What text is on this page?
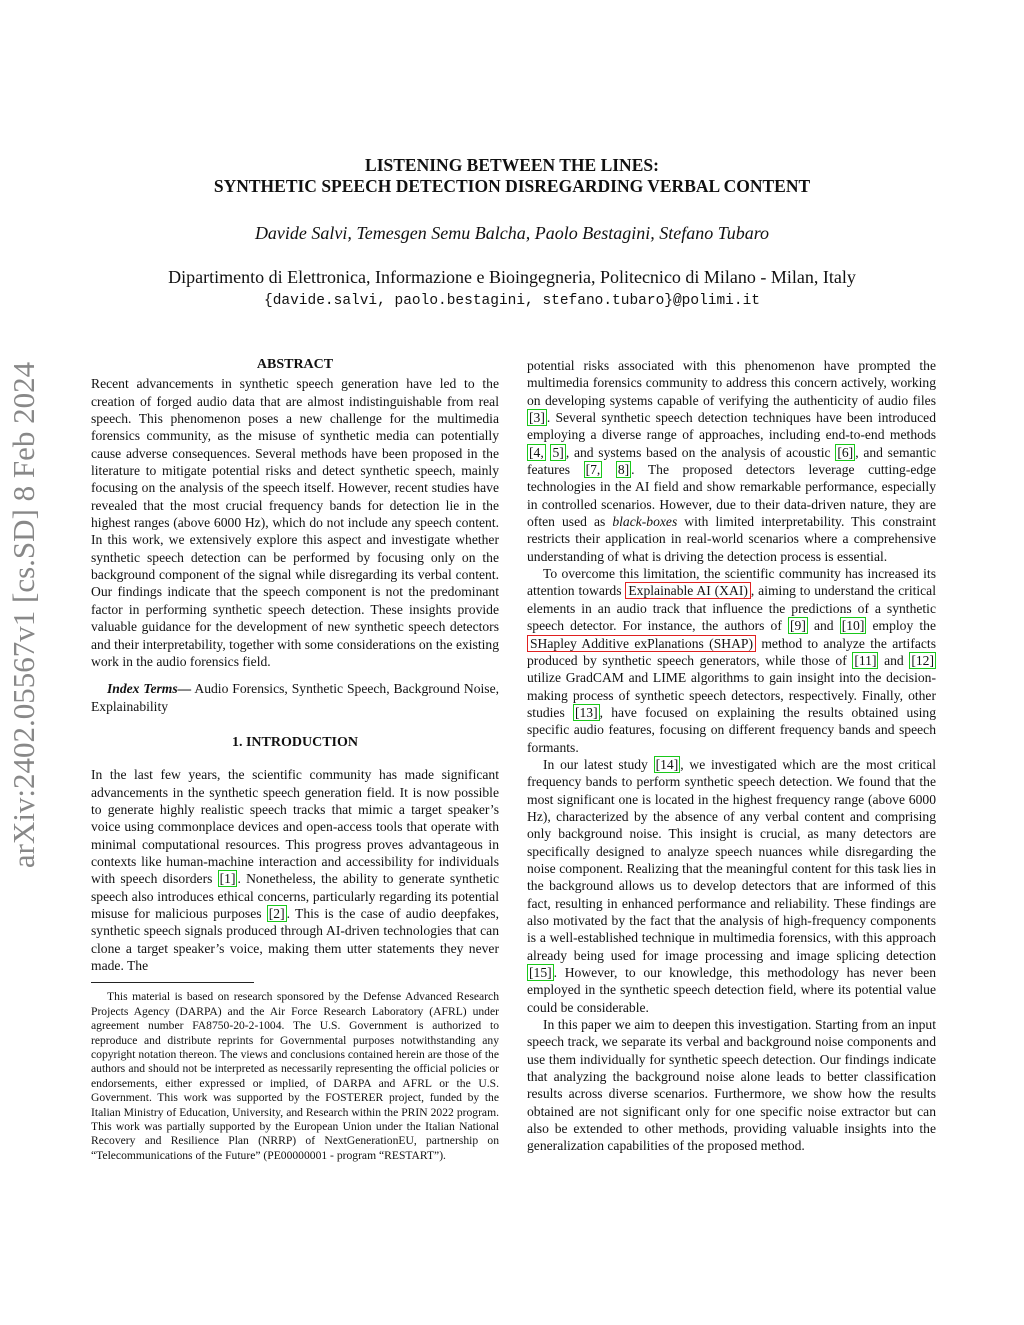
LISTENING BETWEEN THE LINES:
SYNTHETIC SPEECH DETECTION DISREGARDING VERBAL CONTENT
Davide Salvi, Temesgen Semu Balcha, Paolo Bestagini, Stefano Tubaro
Dipartimento di Elettronica, Informazione e Bioingegneria, Politecnico di Milano - Milan, Italy
{davide.salvi, paolo.bestagini, stefano.tubaro}@polimi.it
arXiv:2402.05567v1 [cs.SD] 8 Feb 2024	ABSTRACT

Recent advancements in synthetic speech generation have led to the creation of forged audio data that are almost indistinguishable from real speech. This phenomenon poses a new challenge for the multimedia forensics community, as the misuse of synthetic media can potentially cause adverse consequences. Several methods have been proposed in the literature to mitigate potential risks and detect synthetic speech, mainly focusing on the analysis of the speech itself. However, recent studies have revealed that the most crucial frequency bands for detection lie in the highest ranges (above 6000 Hz), which do not include any speech content. In this work, we extensively explore this aspect and investigate whether synthetic speech detection can be performed by focusing only on the background component of the signal while disregarding its verbal content. Our findings indicate that the speech component is not the predominant factor in performing synthetic speech detection. These insights provide valuable guidance for the development of new synthetic speech detectors and their interpretability, together with some considerations on the existing work in the audio forensics field.

Index Terms— Audio Forensics, Synthetic Speech, Background Noise, Explainability

1. INTRODUCTION

In the last few years, the scientific community has made significant advancements in the synthetic speech generation field. It is now possible to generate highly realistic speech tracks that mimic a target speaker’s voice using commonplace devices and open-access tools that operate with minimal computational resources. This progress proves advantageous in contexts like human-machine interaction and accessibility for individuals with speech disorders [1] . Nonetheless, the ability to generate synthetic speech also introduces ethical concerns, particularly regarding its potential misuse for malicious purposes [2] . This is the case of audio deepfakes, synthetic speech signals produced through AI-driven technologies that can clone a target speaker’s voice, making them utter statements they never made. The

This material is based on research sponsored by the Defense Advanced Research Projects Agency (DARPA) and the Air Force Research Laboratory (AFRL) under agreement number FA8750-20-2-1004. The U.S. Government is authorized to reproduce and distribute reprints for Governmental purposes notwithstanding any copyright notation thereon. The views and conclusions contained herein are those of the authors and should not be interpreted as necessarily representing the official policies or endorsements, either expressed or implied, of DARPA and AFRL or the U.S. Government. This work was supported by the FOSTERER project, funded by the Italian Ministry of Education, University, and Research within the PRIN 2022 program. This work was partially supported by the European Union under the Italian National Recovery and Resilience Plan (NRRP) of NextGenerationEU, partnership on “Telecommunications of the Future” (PE00000001 - program “RESTART”).

potential risks associated with this phenomenon have prompted the multimedia forensics community to address this concern actively, working on developing systems capable of verifying the authenticity of audio files [3] . Several synthetic speech detection techniques have been introduced employing a diverse range of approaches, including end-to-end methods [4, 5] , and systems based on the analysis of acoustic [6] , and semantic features [7, 8] . The proposed detectors leverage cutting-edge technologies in the AI field and show remarkable performance, especially in controlled scenarios. However, due to their data-driven nature, they are often used as black-boxes with limited interpretability. This constraint restricts their application in real-world scenarios where a comprehensive understanding of what is driving the detection process is essential.

To overcome this limitation, the scientific community has increased its attention towards Explainable AI (XAI) , aiming to understand the critical elements in an audio track that influence the predictions of a synthetic speech detector. For instance, the authors of [9] and [10] employ the SHapley Additive exPlanations (SHAP) method to analyze the artifacts produced by synthetic speech generators, while those of [11] and [12] utilize GradCAM and LIME algorithms to gain insight into the decision-making process of synthetic speech detectors, respectively. Finally, other studies [13] , have focused on explaining the results obtained using specific audio features, focusing on different frequency bands and speech formants.

In our latest study [14] , we investigated which are the most critical frequency bands to perform synthetic speech detection. We found that the most significant one is located in the highest frequency range (above 6000 Hz), characterized by the absence of any verbal content and comprising only background noise. This insight is crucial, as many detectors are specifically designed to analyze speech nuances while disregarding the noise component. Realizing that the meaningful content for this task lies in the background allows us to develop detectors that are informed of this fact, resulting in enhanced performance and reliability. These findings are also motivated by the fact that the analysis of high-frequency components is a well-established technique in multimedia forensics, with this approach already being used for image processing and image splicing detection [15] . However, to our knowledge, this methodology has never been employed in the synthetic speech detection field, where its potential value could be considerable.

In this paper we aim to deepen this investigation. Starting from an input speech track, we separate its verbal and background noise components and use them individually for synthetic speech detection. Our findings indicate that analyzing the background noise alone leads to better classification results across diverse scenarios. Furthermore, we show how the results obtained are not significant only for one specific noise extractor but can also be extended to other methods, providing valuable insights into the generalization capabilities of the proposed method.
